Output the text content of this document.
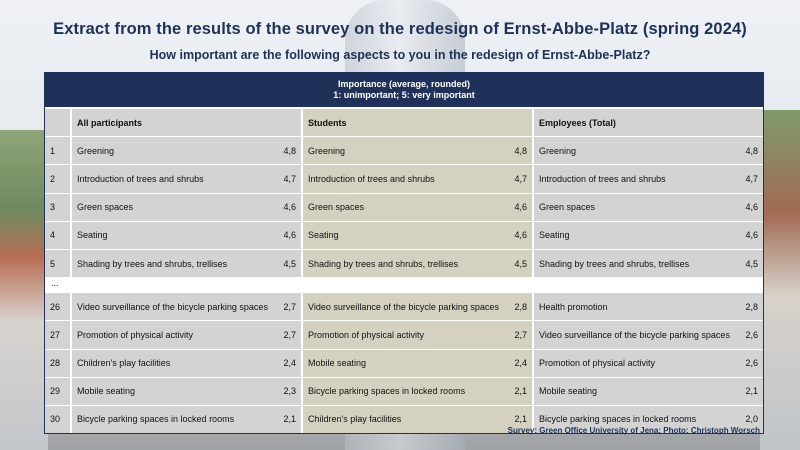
Extract from the results of the survey on the redesign of Ernst-Abbe-Platz (spring 2024)
How important are the following aspects to you in the redesign of Ernst-Abbe-Platz?
Importance (average, rounded)
1: unimportant; 5: very important
All participants	Students	Employees (Total)
1	Greening	4,8 Greening	4,8 Greening	4,8
2	Introduction of trees and shrubs	4,7 Introduction of trees and shrubs	4,7 Introduction of trees and shrubs	4,7
3	Green spaces	4,6 Green spaces	4,6 Green spaces	4,6
4	Seating	4,6 Seating	4,6 Seating	4,6
5	Shading by trees and shrubs, trellises	4,5 Shading by trees and shrubs, trellises	4,5 Shading by trees and shrubs, trellises	4,5
...
26	Video surveillance of the bicycle parking spaces	2,7 Video surveillance of the bicycle parking spaces	2,8 Health promotion	2,8
27	Promotion of physical activity	2,7 Promotion of physical activity	2,7 Video surveillance of the bicycle parking spaces	2,6
28	Children's play facilities	2,4 Mobile seating	2,4 Promotion of physical activity	2,6
29	Mobile seating	2,3 Bicycle parking spaces in locked rooms	2,1 Mobile seating	2,1
30	Bicycle parking spaces in locked rooms	2,1 Children's play facilities	2,1 Bicycle parking spaces in locked rooms	2,0
Survey: Green Office University of Jena; Photo: Christoph Worsch
